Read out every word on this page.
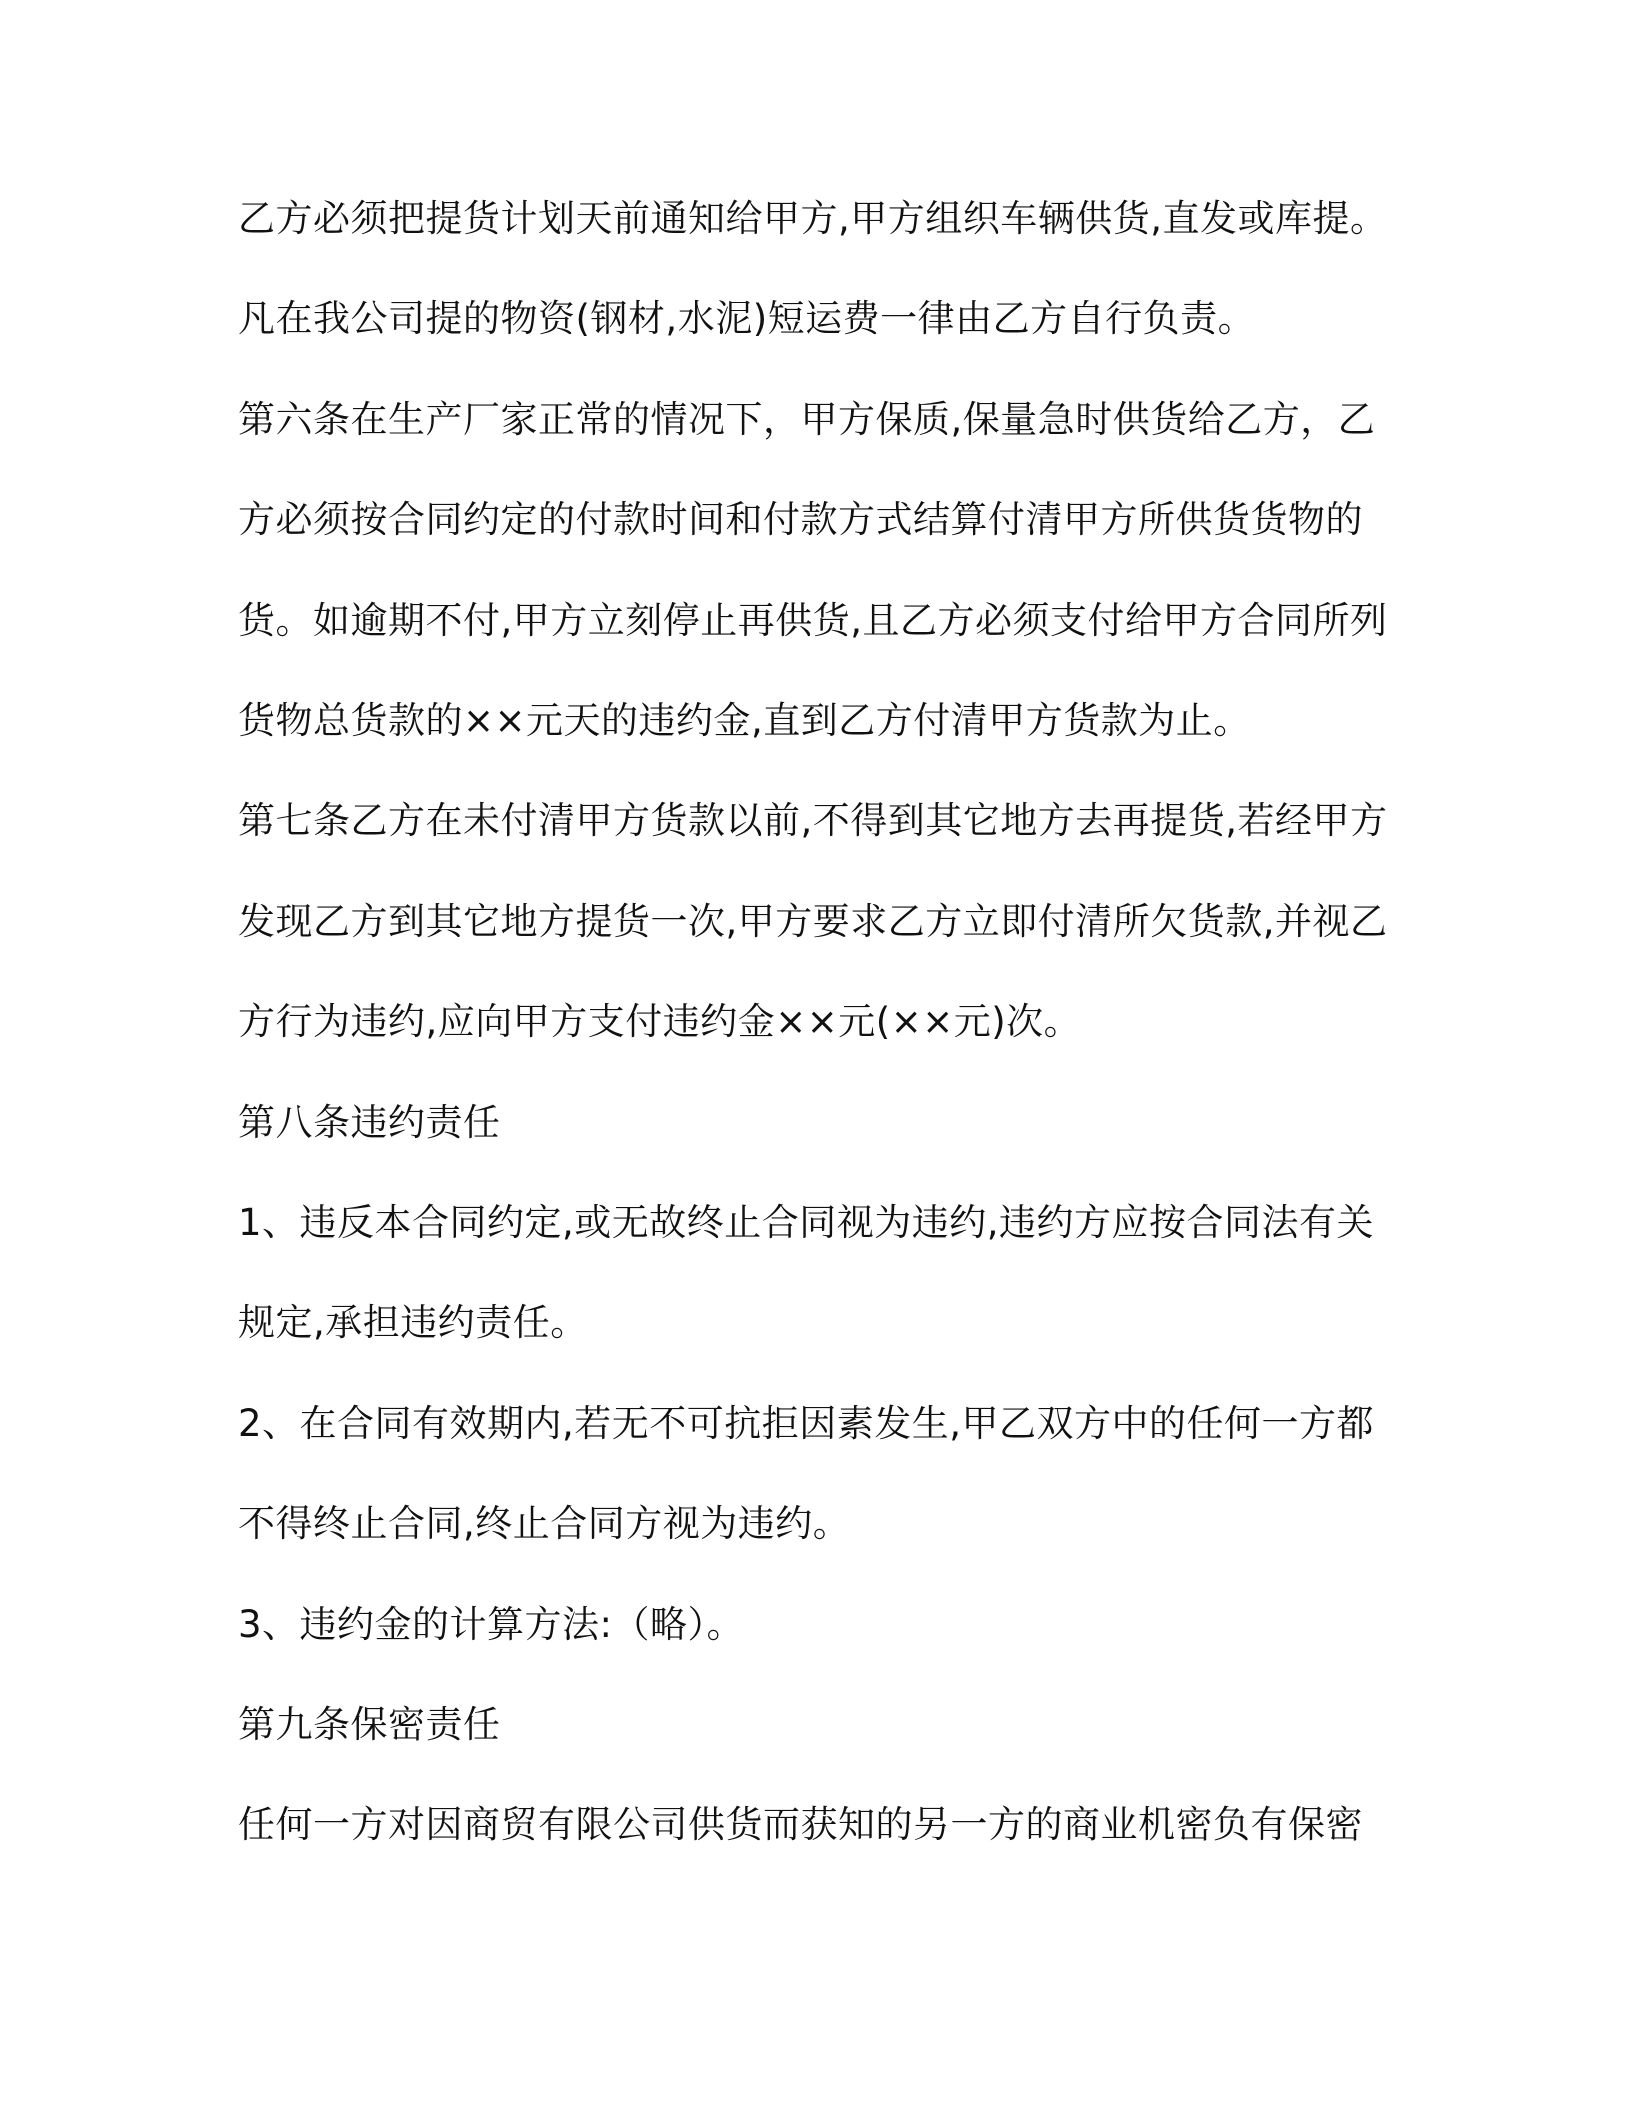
乙方必须把提货计划天前通知给甲方,甲方组织车辆供货,直发或库提。
凡在我公司提的物资(钢材,水泥)短运费一律由乙方自行负责。
第六条在生产厂家正常的情况下，甲方保质,保量急时供货给乙方，乙
方必须按合同约定的付款时间和付款方式结算付清甲方所供货货物的
货。如逾期不付,甲方立刻停止再供货,且乙方必须支付给甲方合同所列
货物总货款的××元天的违约金,直到乙方付清甲方货款为止。
第七条乙方在未付清甲方货款以前,不得到其它地方去再提货,若经甲方
发现乙方到其它地方提货一次,甲方要求乙方立即付清所欠货款,并视乙
方行为违约,应向甲方支付违约金××元(××元)次。
第八条违约责任
1、违反本合同约定,或无故终止合同视为违约,违约方应按合同法有关
规定,承担违约责任。
2、在合同有效期内,若无不可抗拒因素发生,甲乙双方中的任何一方都
不得终止合同,终止合同方视为违约。
3、违约金的计算方法:（略）。
第九条保密责任
任何一方对因商贸有限公司供货而获知的另一方的商业机密负有保密
